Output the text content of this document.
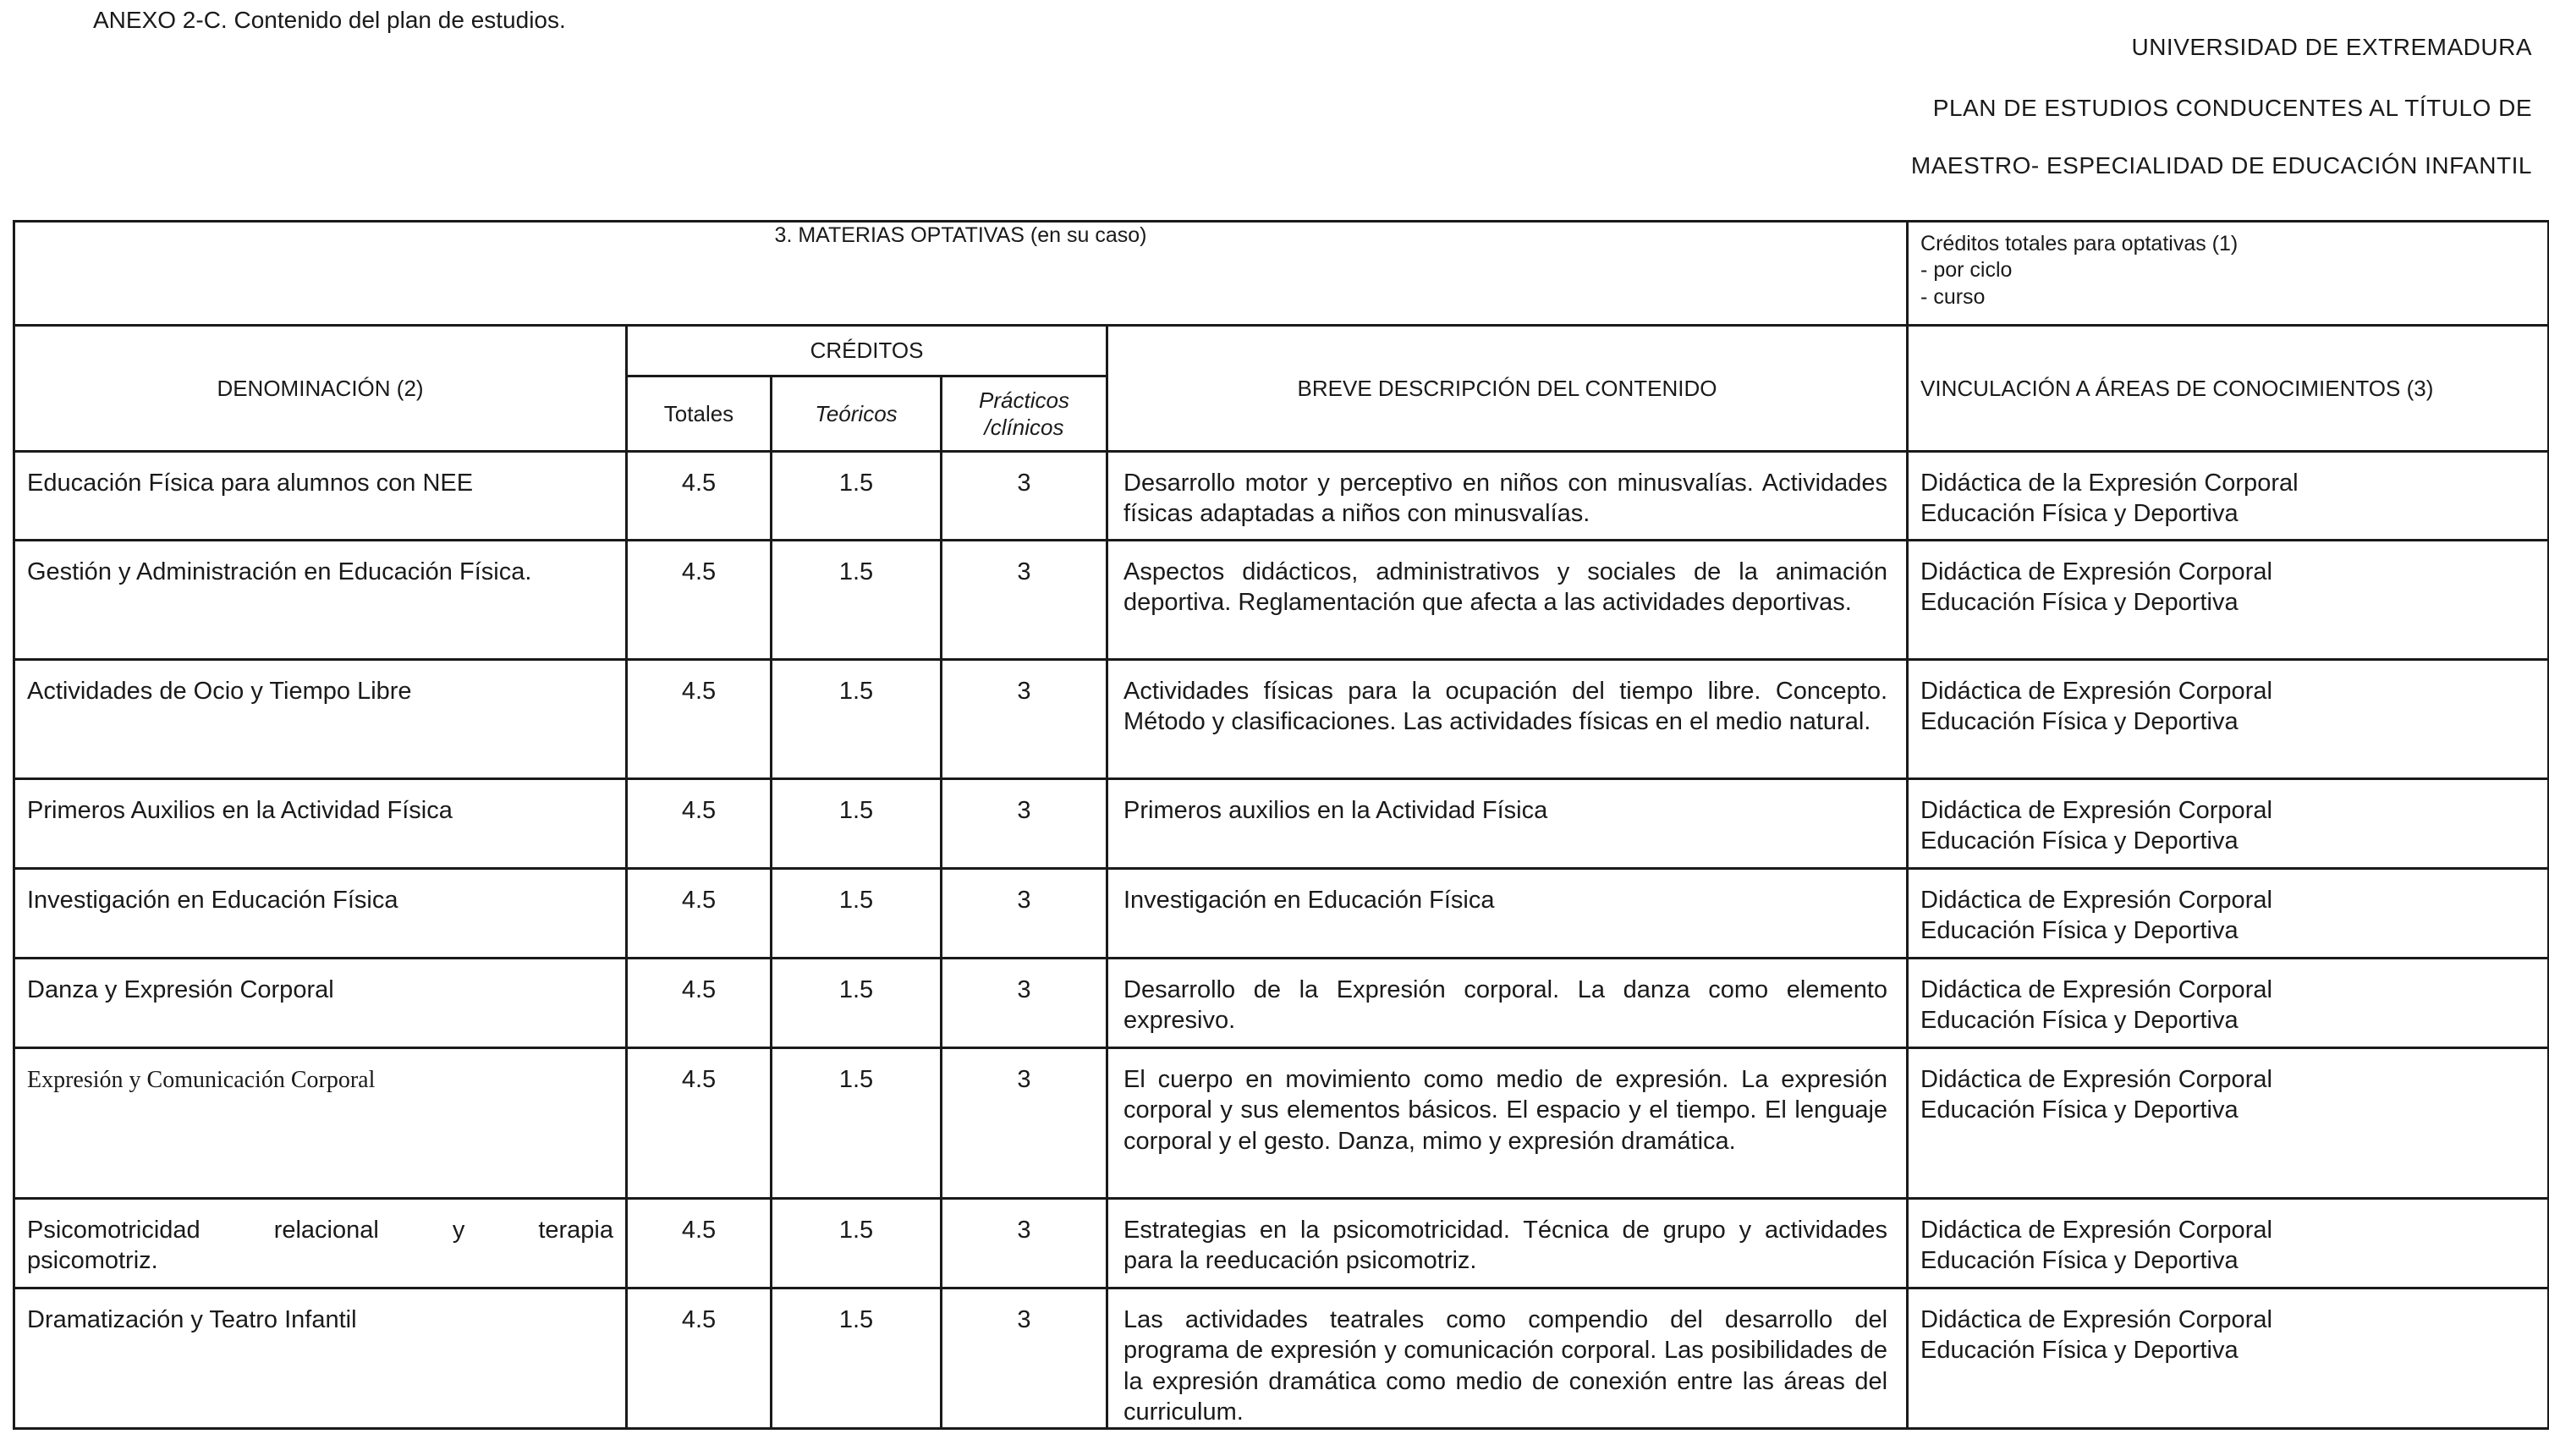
ANEXO 2-C. Contenido del plan de estudios.
UNIVERSIDAD DE EXTREMADURA
PLAN DE ESTUDIOS CONDUCENTES AL TÍTULO DE
MAESTRO- ESPECIALIDAD DE EDUCACIÓN INFANTIL
3. MATERIAS OPTATIVAS (en su caso)					Créditos totales para optativas (1)
- por ciclo
- curso

DENOMINACIÓN (2)	CRÉDITOS			BREVE DESCRIPCIÓN DEL CONTENIDO	VINCULACIÓN A ÁREAS DE CONOCIMIENTOS (3)
	Totales	Teóricos	Prácticos
/clínicos		

Educación Física para alumnos con NEE	4.5	1.5	3	Desarrollo motor y perceptivo en niños con minusvalías. Actividades físicas adaptadas a niños con minusvalías.	Didáctica de la Expresión Corporal
Educación Física y Deportiva

Gestión y Administración en Educación Física.	4.5	1.5	3	Aspectos didácticos, administrativos y sociales de la animación deportiva. Reglamentación que afecta a las actividades deportivas.	Didáctica de Expresión Corporal
Educación Física y Deportiva

Actividades de Ocio y Tiempo Libre	4.5	1.5	3	Actividades físicas para la ocupación del tiempo libre. Concepto. Método y clasificaciones. Las actividades físicas en el medio natural.	Didáctica de Expresión Corporal
Educación Física y Deportiva

Primeros Auxilios en la Actividad Física	4.5	1.5	3	Primeros auxilios en la Actividad Física	Didáctica de Expresión Corporal
Educación Física y Deportiva

Investigación en Educación Física	4.5	1.5	3	Investigación en Educación Física	Didáctica de Expresión Corporal
Educación Física y Deportiva

Danza y Expresión Corporal	4.5	1.5	3	Desarrollo de la Expresión corporal. La danza como elemento expresivo.	Didáctica de Expresión Corporal
Educación Física y Deportiva

Expresión y Comunicación Corporal	4.5	1.5	3	El cuerpo en movimiento como medio de expresión. La expresión corporal y sus elementos básicos. El espacio y el tiempo. El lenguaje corporal y el gesto. Danza, mimo y expresión dramática.	Didáctica de Expresión Corporal
Educación Física y Deportiva

Psicomotricidad relacional y terapia
psicomotriz.	4.5	1.5	3	Estrategias en la psicomotricidad. Técnica de grupo y actividades para la reeducación psicomotriz.	Didáctica de Expresión Corporal
Educación Física y Deportiva

Dramatización y Teatro Infantil	4.5	1.5	3	Las actividades teatrales como compendio del desarrollo del programa de expresión y comunicación corporal. Las posibilidades de la expresión dramática como medio de conexión entre las áreas del curriculum.	Didáctica de Expresión Corporal
Educación Física y Deportiva
